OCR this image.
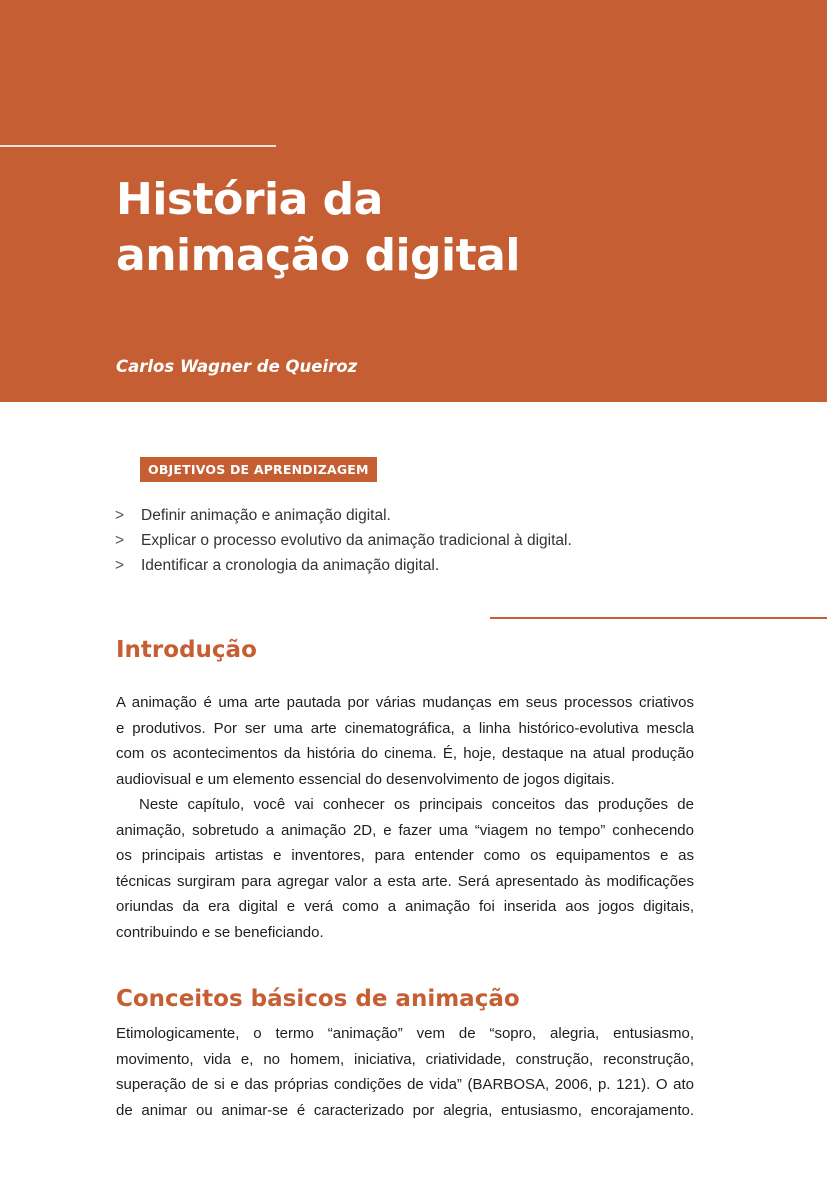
História da
animação digital

Carlos Wagner de Queiroz

OBJETIVOS DE APRENDIZAGEM
> Definir animação e animação digital.
> Explicar o processo evolutivo da animação tradicional à digital.
> Identificar a cronologia da animação digital.
Introdução

A animação é uma arte pautada por várias mudanças em seus processos criativos
e produtivos. Por ser uma arte cinematográfica, a linha histórico-evolutiva mescla
com os acontecimentos da história do cinema. É, hoje, destaque na atual produção
audiovisual e um elemento essencial do desenvolvimento de jogos digitais.

Neste capítulo, você vai conhecer os principais conceitos das produções de
animação, sobretudo a animação 2D, e fazer uma “viagem no tempo” conhecendo
os principais artistas e inventores, para entender como os equipamentos e as
técnicas surgiram para agregar valor a esta arte. Será apresentado às modificações
oriundas da era digital e verá como a animação foi inserida aos jogos digitais,
contribuindo e se beneficiando.

Conceitos básicos de animação

Etimologicamente, o termo “animação” vem de “sopro, alegria, entusiasmo,
movimento, vida e, no homem, iniciativa, criatividade, construção, reconstrução,
superação de si e das próprias condições de vida” (BARBOSA, 2006, p. 121). O ato
de animar ou animar-se é caracterizado por alegria, entusiasmo, encorajamento.
